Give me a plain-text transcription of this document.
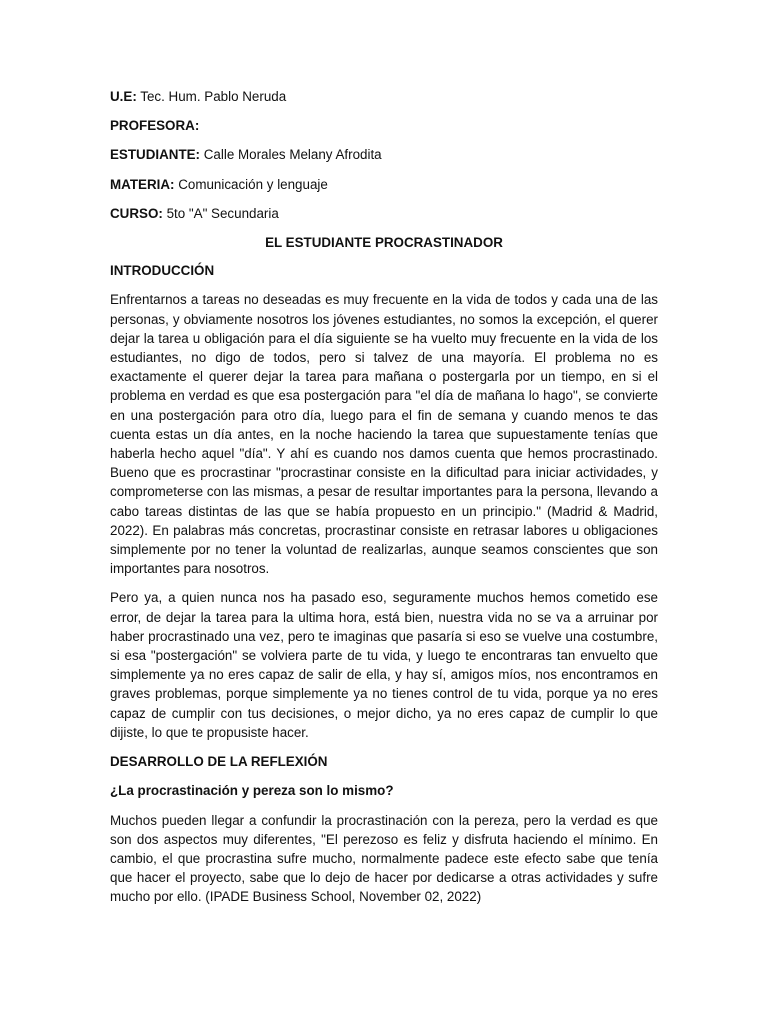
U.E: Tec. Hum. Pablo Neruda

PROFESORA:

ESTUDIANTE: Calle Morales Melany Afrodita

MATERIA: Comunicación y lenguaje

CURSO: 5to "A" Secundaria

EL ESTUDIANTE PROCRASTINADOR

INTRODUCCIÓN

Enfrentarnos a tareas no deseadas es muy frecuente en la vida de todos y cada una de las personas, y obviamente nosotros los jóvenes estudiantes, no somos la excepción, el querer dejar la tarea u obligación para el día siguiente se ha vuelto muy frecuente en la vida de los estudiantes, no digo de todos, pero si talvez de una mayoría. El problema no es exactamente el querer dejar la tarea para mañana o postergarla por un tiempo, en si el problema en verdad es que esa postergación para "el día de mañana lo hago", se convierte en una postergación para otro día, luego para el fin de semana y cuando menos te das cuenta estas un día antes, en la noche haciendo la tarea que supuestamente tenías que haberla hecho aquel "día". Y ahí es cuando nos damos cuenta que hemos procrastinado. Bueno que es procrastinar "procrastinar consiste en la dificultad para iniciar actividades, y comprometerse con las mismas, a pesar de resultar importantes para la persona, llevando a cabo tareas distintas de las que se había propuesto en un principio." (Madrid & Madrid, 2022). En palabras más concretas, procrastinar consiste en retrasar labores u obligaciones simplemente por no tener la voluntad de realizarlas, aunque seamos conscientes que son importantes para nosotros.

Pero ya, a quien nunca nos ha pasado eso, seguramente muchos hemos cometido ese error, de dejar la tarea para la ultima hora, está bien, nuestra vida no se va a arruinar por haber procrastinado una vez, pero te imaginas que pasaría si eso se vuelve una costumbre, si esa "postergación" se volviera parte de tu vida, y luego te encontraras tan envuelto que simplemente ya no eres capaz de salir de ella, y hay sí, amigos míos, nos encontramos en graves problemas, porque simplemente ya no tienes control de tu vida, porque ya no eres capaz de cumplir con tus decisiones, o mejor dicho, ya no eres capaz de cumplir lo que dijiste, lo que te propusiste hacer.

DESARROLLO DE LA REFLEXIÓN

¿La procrastinación y pereza son lo mismo?

Muchos pueden llegar a confundir la procrastinación con la pereza, pero la verdad es que son dos aspectos muy diferentes, "El perezoso es feliz y disfruta haciendo el mínimo. En cambio, el que procrastina sufre mucho, normalmente padece este efecto sabe que tenía que hacer el proyecto, sabe que lo dejo de hacer por dedicarse a otras actividades y sufre mucho por ello. (IPADE Business School, November 02, 2022)
